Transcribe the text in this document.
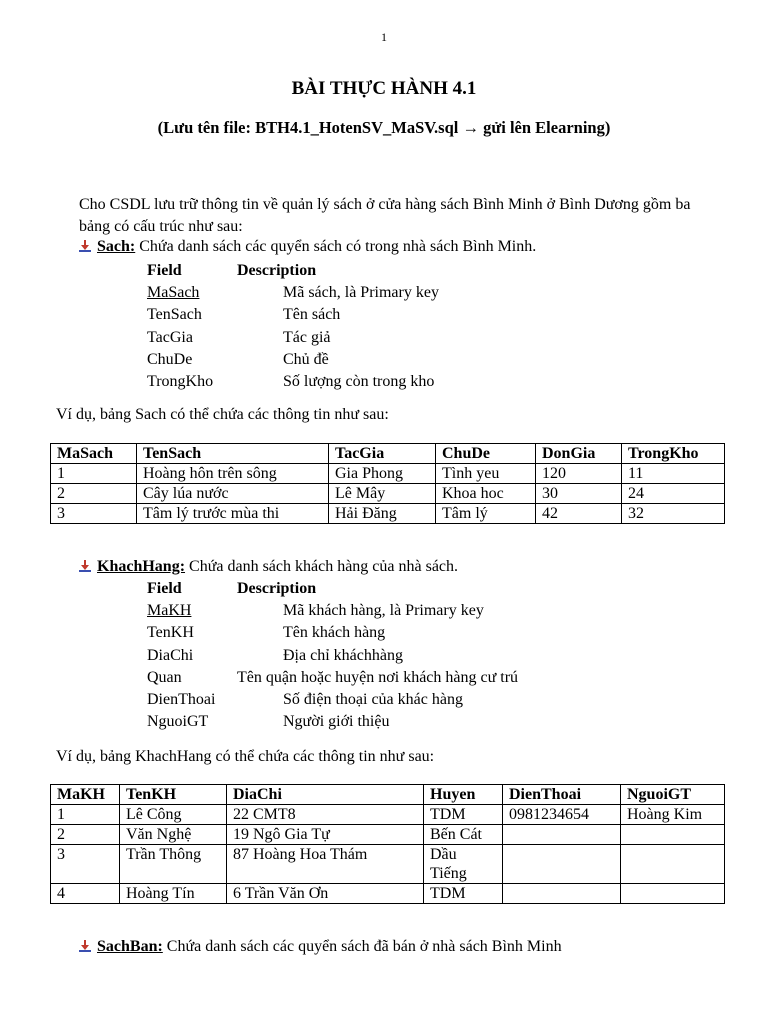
1
BÀI THỰC HÀNH 4.1
(Lưu tên file: BTH4.1_HotenSV_MaSV.sql → gửi lên Elearning)
Cho CSDL lưu trữ thông tin về quản lý sách ở cửa hàng sách Bình Minh ở Bình Dương gồm ba
bảng có cấu trúc như sau:
Sach: Chứa danh sách các quyển sách có trong nhà sách Bình Minh.
Field	Description
MaSach	Mã sách, là Primary key
TenSach	Tên sách
TacGia	Tác giả
ChuDe	Chủ đề
TrongKho	Số lượng còn trong kho
Ví dụ, bảng Sach có thể chứa các thông tin như sau:
MaSach	TenSach	TacGia	ChuDe	DonGia	TrongKho
1	Hoàng hôn trên sông	Gia Phong	Tình yeu	120	11
2	Cây lúa nước	Lê Mây	Khoa hoc	30	24
3	Tâm lý trước mùa thi	Hải Đăng	Tâm lý	42	32
KhachHang: Chứa danh sách khách hàng của nhà sách.
Field	Description
MaKH	Mã khách hàng, là Primary key
TenKH	Tên khách hàng
DiaChi	Địa chỉ kháchhàng
Quan	Tên quận hoặc huyện nơi khách hàng cư trú
DienThoai	Số điện thoại của khác hàng
NguoiGT	Người giới thiệu
Ví dụ, bảng KhachHang có thể chứa các thông tin như sau:
MaKH	TenKH	DiaChi	Huyen	DienThoai	NguoiGT
1	Lê Công	22 CMT8	TDM	0981234654	Hoàng Kim
2	Văn Nghệ	19 Ngô Gia Tự	Bến Cát		
3	Trần Thông	87 Hoàng Hoa Thám	Dầu Tiếng		
4	Hoàng Tín	6 Trần Văn Ơn	TDM		
SachBan: Chứa danh sách các quyển sách đã bán ở nhà sách Bình Minh
